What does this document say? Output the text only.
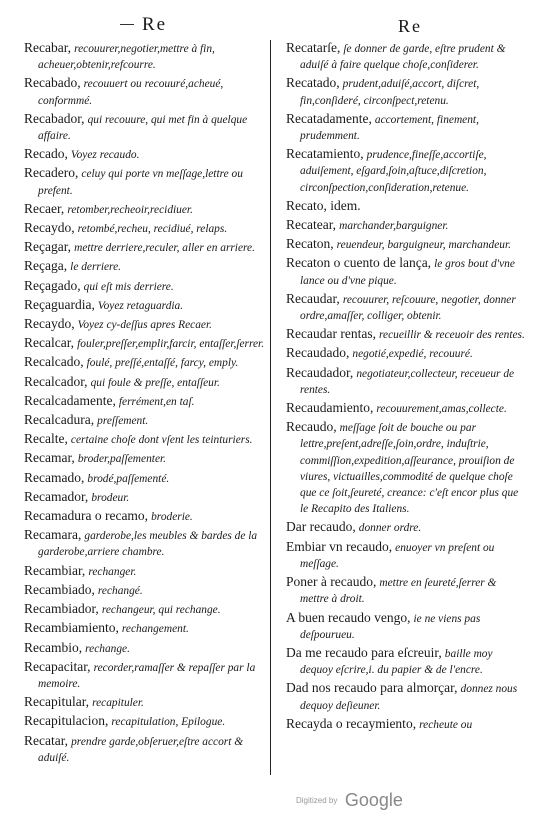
Re	Re
Recabar, recouurer,negotier,mettre à fin, acheuer,obtenir,refcourre.
Recabado, recouuert ou recouuré,acheué, conformmé.
Recabador, qui recouure, qui met fin à quelque affaire.
Recado, Voyez recaudo.
Recadero, celuy qui porte vn meſſage,lettre ou prefent.
Recaer, retomber,recheoir,recidiuer.
Recaydo, retombé,recheu, recidiué, relaps.
Reçagar, mettre derriere,reculer, aller en arriere.
Reçaga, le derriere.
Reçagado, qui eſt mis derriere.
Reçaguardia, Voyez retaguardia.
Recaydo, Voyez cy-deſſus apres Recaer.
Recalcar, fouler,preſſer,emplir,farcir, entaſſer,ſerrer.
Recalcado, foulé, preſſé,entaſſé, farcy, emply.
Recalcador, qui foule & preſſe, entaſſeur.
Recalcadamente, ferrément,en taſ.
Recalcadura, preſſement.
Recalte, certaine choſe dont vſent les teinturiers.
Recamar, broder,paſſementer.
Recamado, brodé,paſſementé.
Recamador, brodeur.
Recamadura o recamo, broderie.
Recamara, garderobe,les meubles & bardes de la garderobe,arriere chambre.
Recambiar, rechanger.
Recambiado, rechangé.
Recambiador, rechangeur, qui rechange.
Recambiamiento, rechangement.
Recambio, rechange.
Recapacitar, recorder,ramaſſer & repaſſer par la memoire.
Recapitular, recapituler.
Recapitulacion, recapitulation, Epilogue.
Recatar, prendre garde,obſeruer,eſtre accort & aduiſé.
Recatarſe, ſe donner de garde, eſtre prudent & aduiſé à faire quelque choſe,conſiderer.
Recatado, prudent,aduiſé,accort, diſcret, fin,conſideré, circonſpect,retenu.
Recatadamente, accortement, finement, prudemment.
Recatamiento, prudence,fineſſe,accortiſe, aduiſement, eſgard,ſoin,aſtuce,diſcretion, circonſpection,conſideration,retenue.
Recato, idem.
Recatear, marchander,barguigner.
Recaton, reuendeur, barguigneur, marchandeur.
Recaton o cuento de lança, le gros bout d'vne lance ou d'vne pique.
Recaudar, recouurer, reſcouure, negotier, donner ordre,amaſſer, colliger, obtenir.
Recaudar rentas, recueillir & receuoir des rentes.
Recaudado, negotié,expedié, recouuré.
Recaudador, negotiateur,collecteur, receueur de rentes.
Recaudamiento, recouurement,amas,collecte.
Recaudo, meſſage ſoit de bouche ou par lettre,preſent,adreſſe,ſoin,ordre, induſtrie, commiſſion,expedition,aſſeurance, prouiſion de viures, victuailles,commodité de quelque choſe que ce ſoit,ſeureté, creance: c'eſt encor plus que le Recapito des Italiens.
Dar recaudo, donner ordre.
Embiar vn recaudo, enuoyer vn preſent ou meſſage.
Poner à recaudo, mettre en ſeureté,ſerrer & mettre à droit.
A buen recaudo vengo, ie ne viens pas deſpourueu.
Da me recaudo para eſcreuir, baille moy dequoy eſcrire,i. du papier & de l'encre.
Dad nos recaudo para almorçar, donnez nous dequoy deſieuner.
Recayda o recaymiento, recheute ou
Digitized by Google
